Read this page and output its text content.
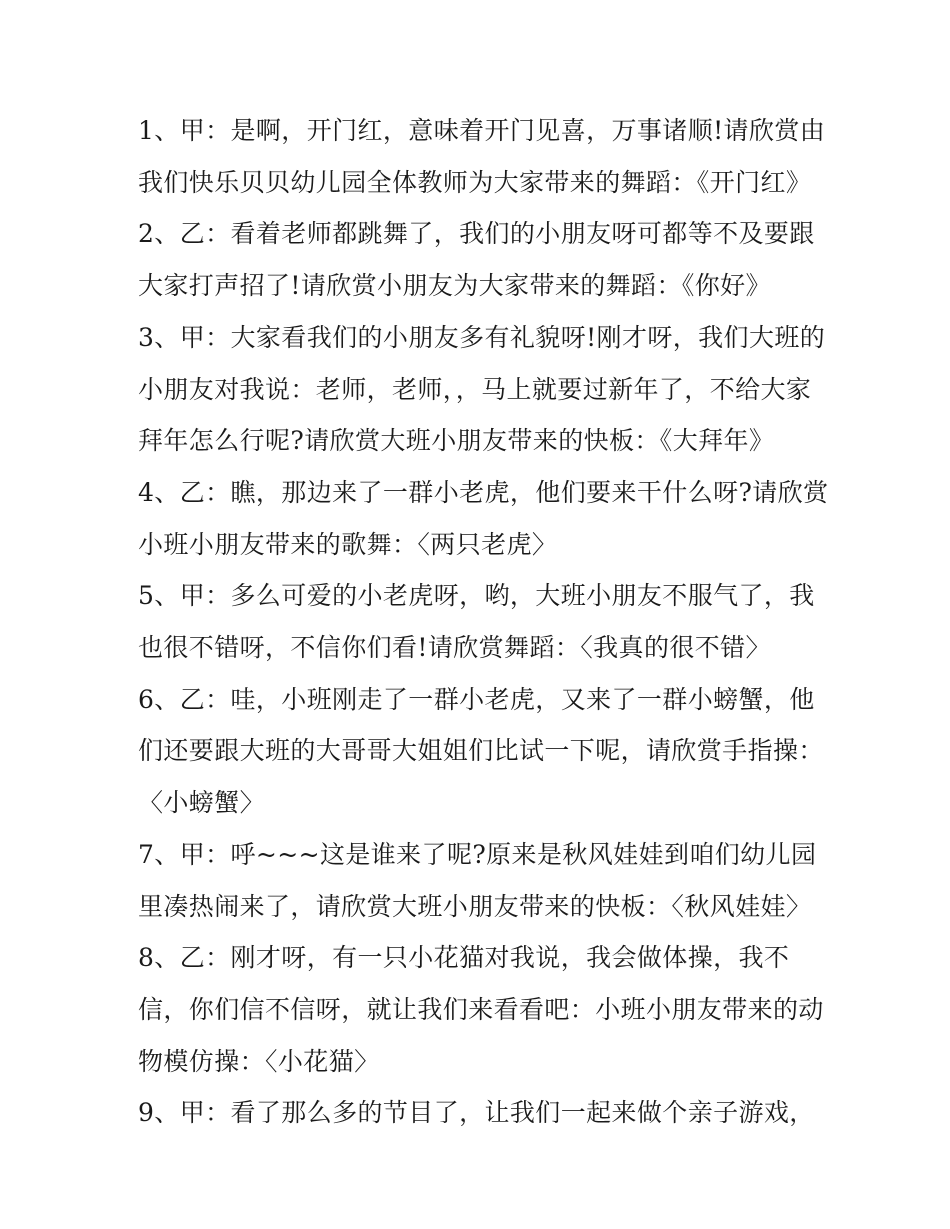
1、甲：是啊，开门红，意味着开门见喜，万事诸顺!请欣赏由
我们快乐贝贝幼儿园全体教师为大家带来的舞蹈：《开门红》
2、乙：看着老师都跳舞了，我们的小朋友呀可都等不及要跟
大家打声招了!请欣赏小朋友为大家带来的舞蹈：《你好》
3、甲：大家看我们的小朋友多有礼貌呀!刚才呀，我们大班的
小朋友对我说：老师，老师，，马上就要过新年了，不给大家
拜年怎么行呢?请欣赏大班小朋友带来的快板：《大拜年》
4、乙：瞧，那边来了一群小老虎，他们要来干什么呀?请欣赏
小班小朋友带来的歌舞：〈两只老虎〉
5、甲：多么可爱的小老虎呀，哟，大班小朋友不服气了，我
也很不错呀，不信你们看!请欣赏舞蹈：〈我真的很不错〉
6、乙：哇，小班刚走了一群小老虎，又来了一群小螃蟹，他
们还要跟大班的大哥哥大姐姐们比试一下呢，请欣赏手指操：
〈小螃蟹〉
7、甲：呼~~~这是谁来了呢?原来是秋风娃娃到咱们幼儿园
里凑热闹来了，请欣赏大班小朋友带来的快板：〈秋风娃娃〉
8、乙：刚才呀，有一只小花猫对我说，我会做体操，我不
信，你们信不信呀，就让我们来看看吧：小班小朋友带来的动
物模仿操：〈小花猫〉
9、甲：看了那么多的节目了，让我们一起来做个亲子游戏，
